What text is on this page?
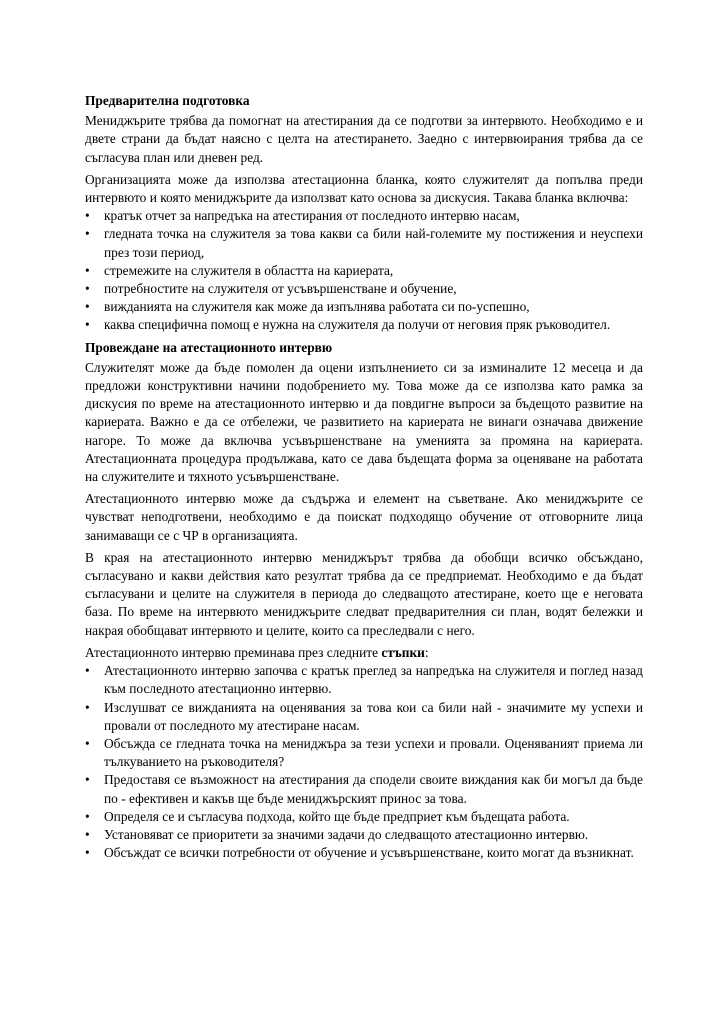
Предварителна подготовка

Мениджърите трябва да помогнат на атестирания да се подготви за интервюто. Необходимо е и двете страни да бъдат наясно с целта на атестирането. Заедно с интервюирания трябва да се съгласува план или дневен ред.

Организацията може да използва атестационна бланка, която служителят да попълва преди интервюто и която мениджърите да използват като основа за дискусия. Такава бланка включва:

•	кратък отчет за напредъка на атестирания от последното интервю насам,
•	гледната точка на служителя за това какви са били най-големите му постижения и неуспехи през този период,
•	стремежите на служителя в областта на кариерата,
•	потребностите на служителя от усъвършенстване и обучение,
•	вижданията на служителя как може да изпълнява работата си по-успешно,
•	каква специфична помощ е нужна на служителя да получи от неговия пряк ръководител.
Провеждане на атестационното интервю

Служителят може да бъде помолен да оцени изпълнението си за изминалите 12 месеца и да предложи конструктивни начини подобрението му. Това може да се използва като рамка за дискусия по време на атестационното интервю и да повдигне въпроси за бъдещото развитие на кариерата. Важно е да се отбележи, че развитието на кариерата не винаги означава движение нагоре. То може да включва усъвършенстване на уменията за промяна на кариерата. Атестационната процедура продължава, като се дава бъдещата форма за оценяване на работата на служителите и тяхното усъвършенстване.

Атестационното интервю може да съдържа и елемент на съветване. Ако мениджърите се чувстват неподготвени, необходимо е да поискат подходящо обучение от отговорните лица занимаващи се с ЧР в организацията.

В края на атестационното интервю мениджърът трябва да обобщи всичко обсъждано, съгласувано и какви действия като резултат трябва да се предприемат. Необходимо е да бъдат съгласувани и целите на служителя в периода до следващото атестиране, което ще е неговата база. По време на интервюто мениджърите следват предварителния си план, водят бележки и накрая обобщават интервюто и целите, които са преследвали с него.

Атестационното интервю преминава през следните стъпки:

•	Атестационното интервю започва с кратък преглед за напредъка на служителя и поглед назад към последното атестационно интервю.
•	Изслушват се вижданията на оценявания за това кои са били най - значимите му успехи и провали от последното му атестиране насам.
•	Обсъжда се гледната точка на мениджъра за тези успехи и провали. Оценяваният приема ли тълкуванието на ръководителя?
•	Предоставя се възможност на атестирания да сподели своите виждания как би могъл да бъде по - ефективен и какъв ще бъде мениджърският принос за това.
•	Определя се и съгласува подхода, който ще бъде предприет към бъдещата работа.
•	Установяват се приоритети за значими задачи до следващото атестационно интервю.
•	Обсъждат се всички потребности от обучение и усъвършенстване, които могат да възникнат.
